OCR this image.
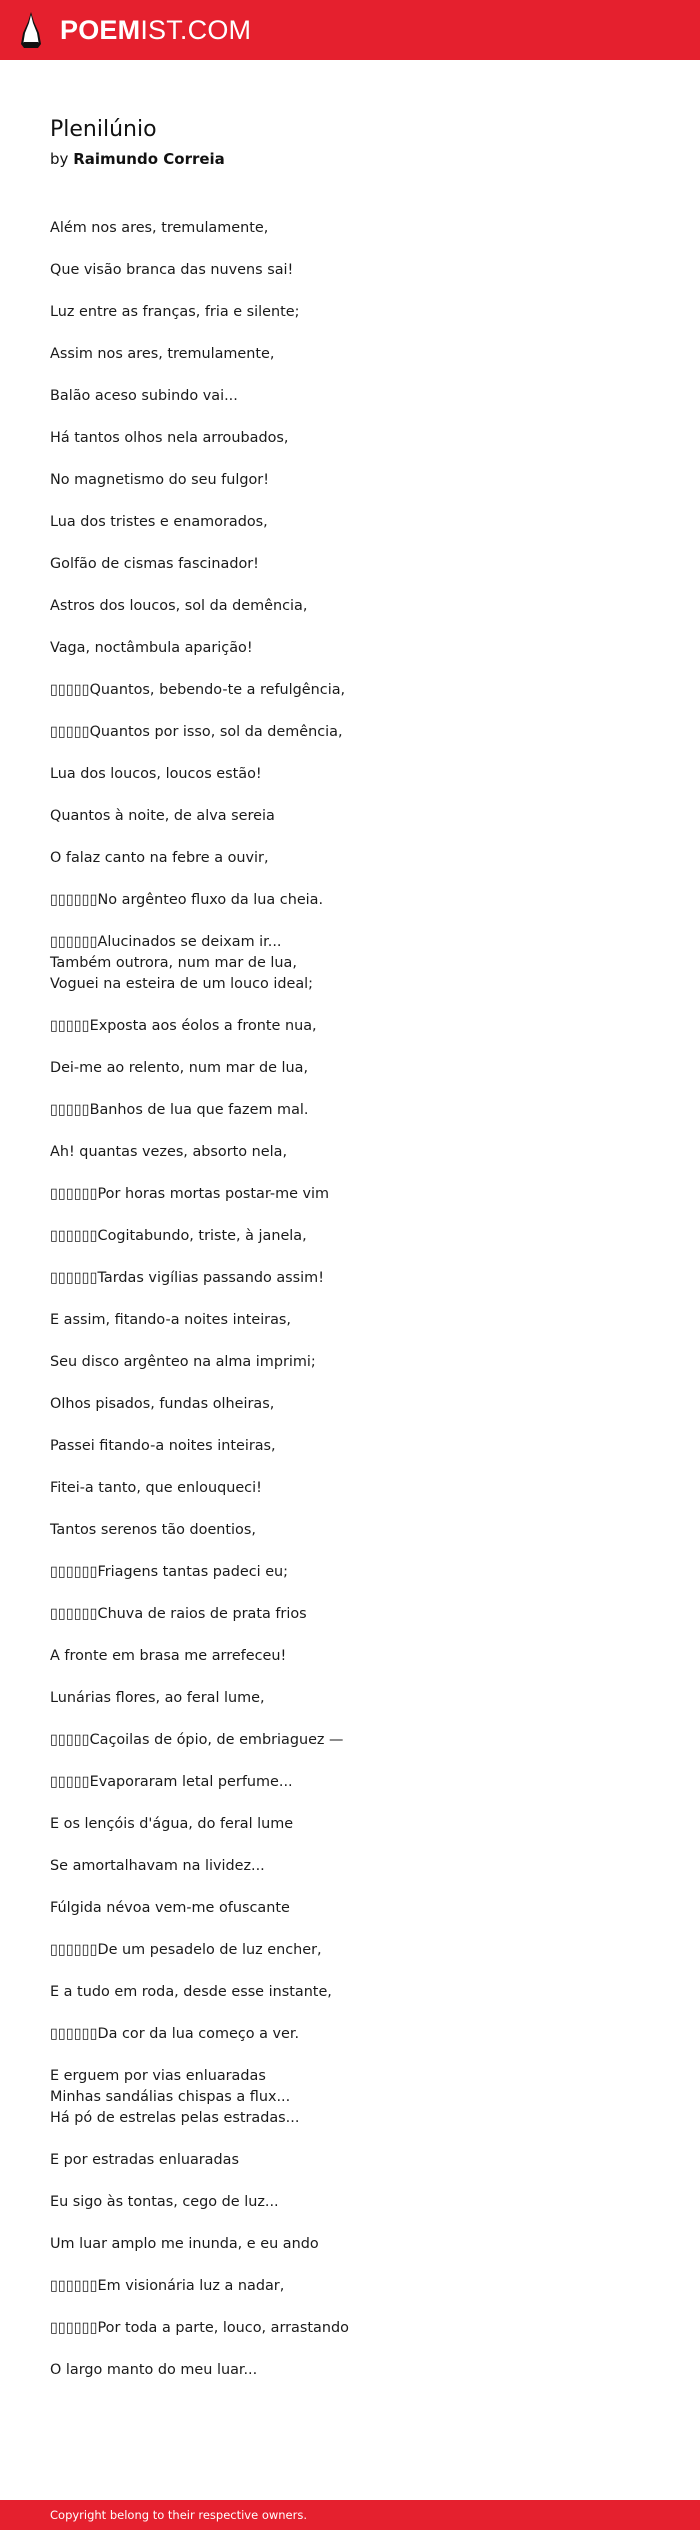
POEMIST.COM
Plenilúnio
by Raimundo Correia

Além nos ares, tremulamente,

Que visão branca das nuvens sai!

Luz entre as franças, fria e silente;

Assim nos ares, tremulamente,

Balão aceso subindo vai...

Há tantos olhos nela arroubados,

No magnetismo do seu fulgor!

Lua dos tristes e enamorados,

Golfão de cismas fascinador!

Astros dos loucos, sol da demência,

Vaga, noctâmbula aparição!

▯▯▯▯▯Quantos, bebendo-te a refulgência,

▯▯▯▯▯Quantos por isso, sol da demência,

Lua dos loucos, loucos estão!

Quantos à noite, de alva sereia

O falaz canto na febre a ouvir,

▯▯▯▯▯▯No argênteo fluxo da lua cheia.

▯▯▯▯▯▯Alucinados se deixam ir...
Também outrora, num mar de lua,

Voguei na esteira de um louco ideal;

▯▯▯▯▯Exposta aos éolos a fronte nua,

Dei-me ao relento, num mar de lua,

▯▯▯▯▯Banhos de lua que fazem mal.

Ah! quantas vezes, absorto nela,

▯▯▯▯▯▯Por horas mortas postar-me vim

▯▯▯▯▯▯Cogitabundo, triste, à janela,

▯▯▯▯▯▯Tardas vigílias passando assim!

E assim, fitando-a noites inteiras,

Seu disco argênteo na alma imprimi;

Olhos pisados, fundas olheiras,

Passei fitando-a noites inteiras,

Fitei-a tanto, que enlouqueci!

Tantos serenos tão doentios,

▯▯▯▯▯▯Friagens tantas padeci eu;

▯▯▯▯▯▯Chuva de raios de prata frios

A fronte em brasa me arrefeceu!

Lunárias flores, ao feral lume,

▯▯▯▯▯Caçoilas de ópio, de embriaguez —

▯▯▯▯▯Evaporaram letal perfume...

E os lençóis d'água, do feral lume

Se amortalhavam na lividez...

Fúlgida névoa vem-me ofuscante

▯▯▯▯▯▯De um pesadelo de luz encher,

E a tudo em roda, desde esse instante,

▯▯▯▯▯▯Da cor da lua começo a ver.

E erguem por vias enluaradas
Minhas sandálias chispas a flux...

Há pó de estrelas pelas estradas...

E por estradas enluaradas

Eu sigo às tontas, cego de luz...

Um luar amplo me inunda, e eu ando

▯▯▯▯▯▯Em visionária luz a nadar,

▯▯▯▯▯▯Por toda a parte, louco, arrastando

O largo manto do meu luar...

Copyright belong to their respective owners.
